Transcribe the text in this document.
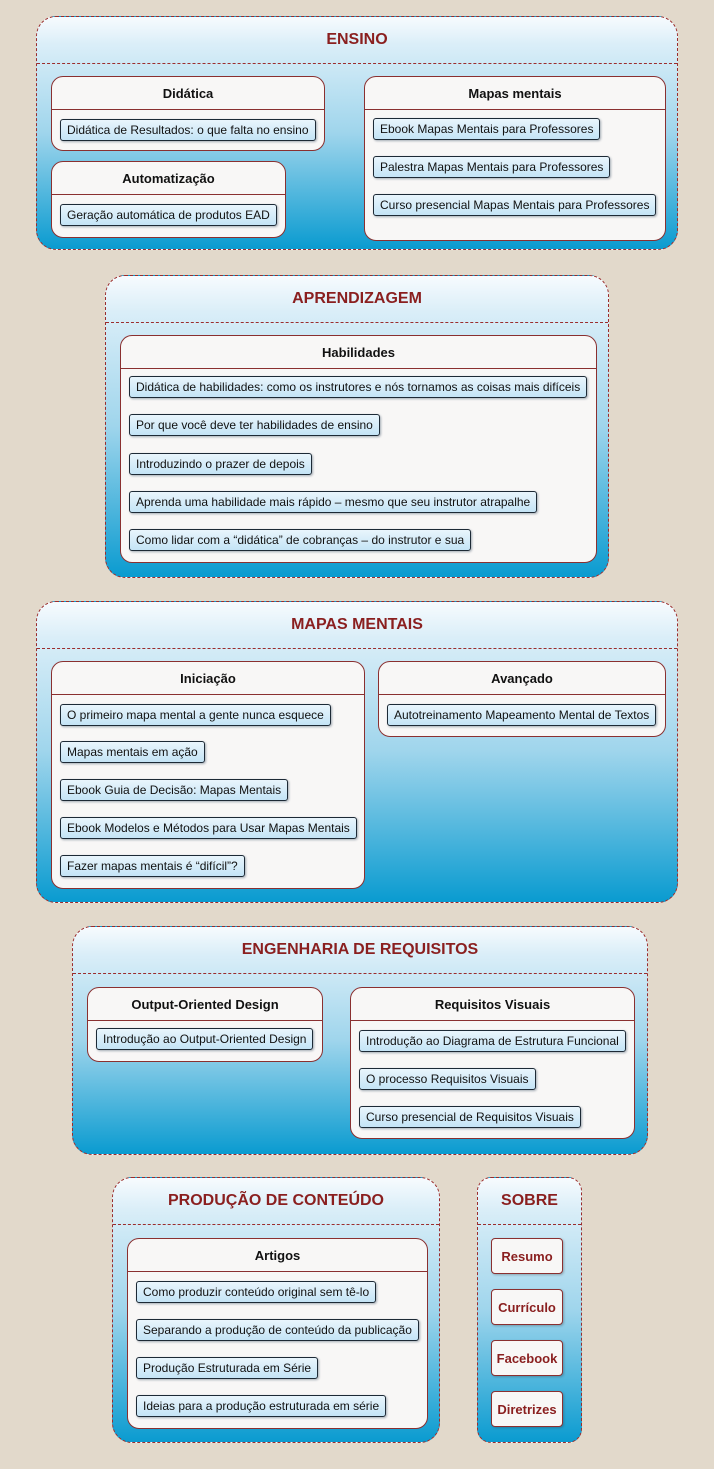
ENSINO
Didática
Didática de Resultados: o que falta no ensino
Automatização
Geração automática de produtos EAD
Mapas mentais
Ebook Mapas Mentais para Professores
Palestra Mapas Mentais para Professores
Curso presencial Mapas Mentais para Professores
APRENDIZAGEM
Habilidades
Didática de habilidades: como os instrutores e nós tornamos as coisas mais difíceis
Por que você deve ter habilidades de ensino
Introduzindo o prazer de depois
Aprenda uma habilidade mais rápido – mesmo que seu instrutor atrapalhe
Como lidar com a “didática” de cobranças – do instrutor e sua
MAPAS MENTAIS
Iniciação
O primeiro mapa mental a gente nunca esquece
Mapas mentais em ação
Ebook Guia de Decisão: Mapas Mentais
Ebook Modelos e Métodos para Usar Mapas Mentais
Fazer mapas mentais é “difícil”?
Avançado
Autotreinamento Mapeamento Mental de Textos
ENGENHARIA DE REQUISITOS
Output-Oriented Design
Introdução ao Output-Oriented Design
Requisitos Visuais
Introdução ao Diagrama de Estrutura Funcional
O processo Requisitos Visuais
Curso presencial de Requisitos Visuais
PRODUÇÃO DE CONTEÚDO
Artigos
Como produzir conteúdo original sem tê-lo
Separando a produção de conteúdo da publicação
Produção Estruturada em Série
Ideias para a produção estruturada em série
SOBRE
Resumo
Currículo
Facebook
Diretrizes
